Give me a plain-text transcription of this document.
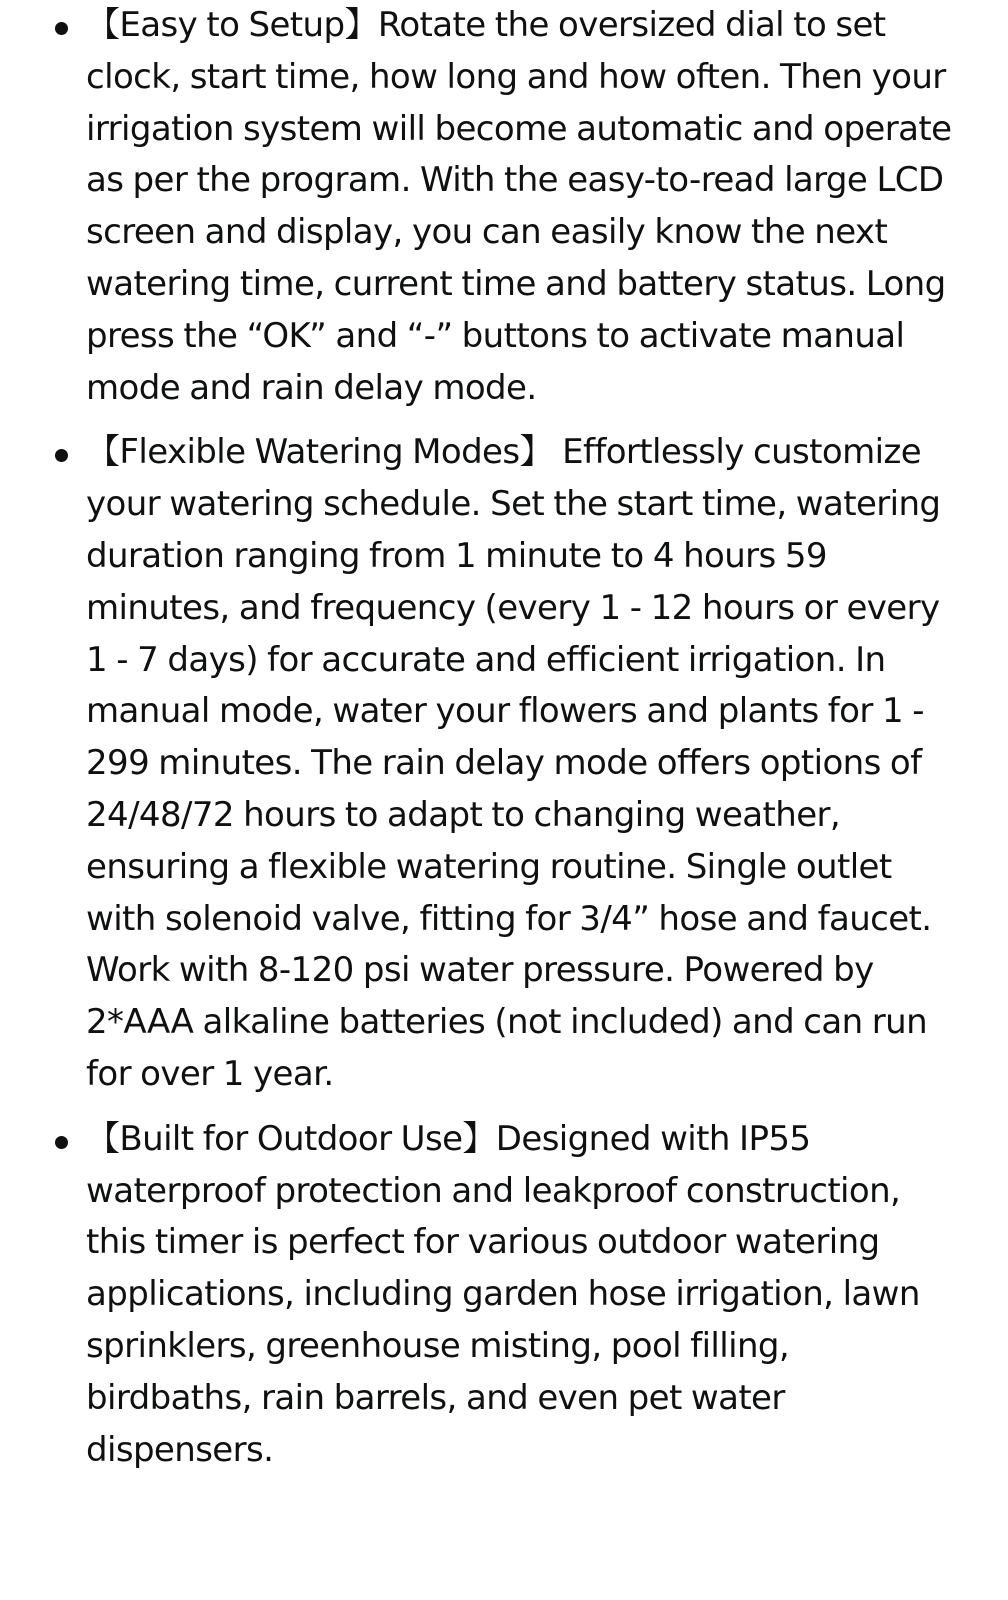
【Easy to Setup】Rotate the oversized dial to set clock, start time, how long and how often. Then your irrigation system will become automatic and operate as per the program. With the easy-to-read large LCD screen and display, you can easily know the next watering time, current time and battery status. Long press the “OK” and “-” buttons to activate manual mode and rain delay mode.
【Flexible Watering Modes】 Effortlessly customize your watering schedule. Set the start time, watering duration ranging from 1 minute to 4 hours 59 minutes, and frequency (every 1 - 12 hours or every 1 - 7 days) for accurate and efficient irrigation. In manual mode, water your flowers and plants for 1 - 299 minutes. The rain delay mode offers options of 24/48/72 hours to adapt to changing weather, ensuring a flexible watering routine. Single outlet with solenoid valve, fitting for 3/4” hose and faucet. Work with 8-120 psi water pressure. Powered by 2*AAA alkaline batteries (not included) and can run for over 1 year.
【Built for Outdoor Use】Designed with IP55 waterproof protection and leakproof construction, this timer is perfect for various outdoor watering applications, including garden hose irrigation, lawn sprinklers, greenhouse misting, pool filling, birdbaths, rain barrels, and even pet water dispensers.
